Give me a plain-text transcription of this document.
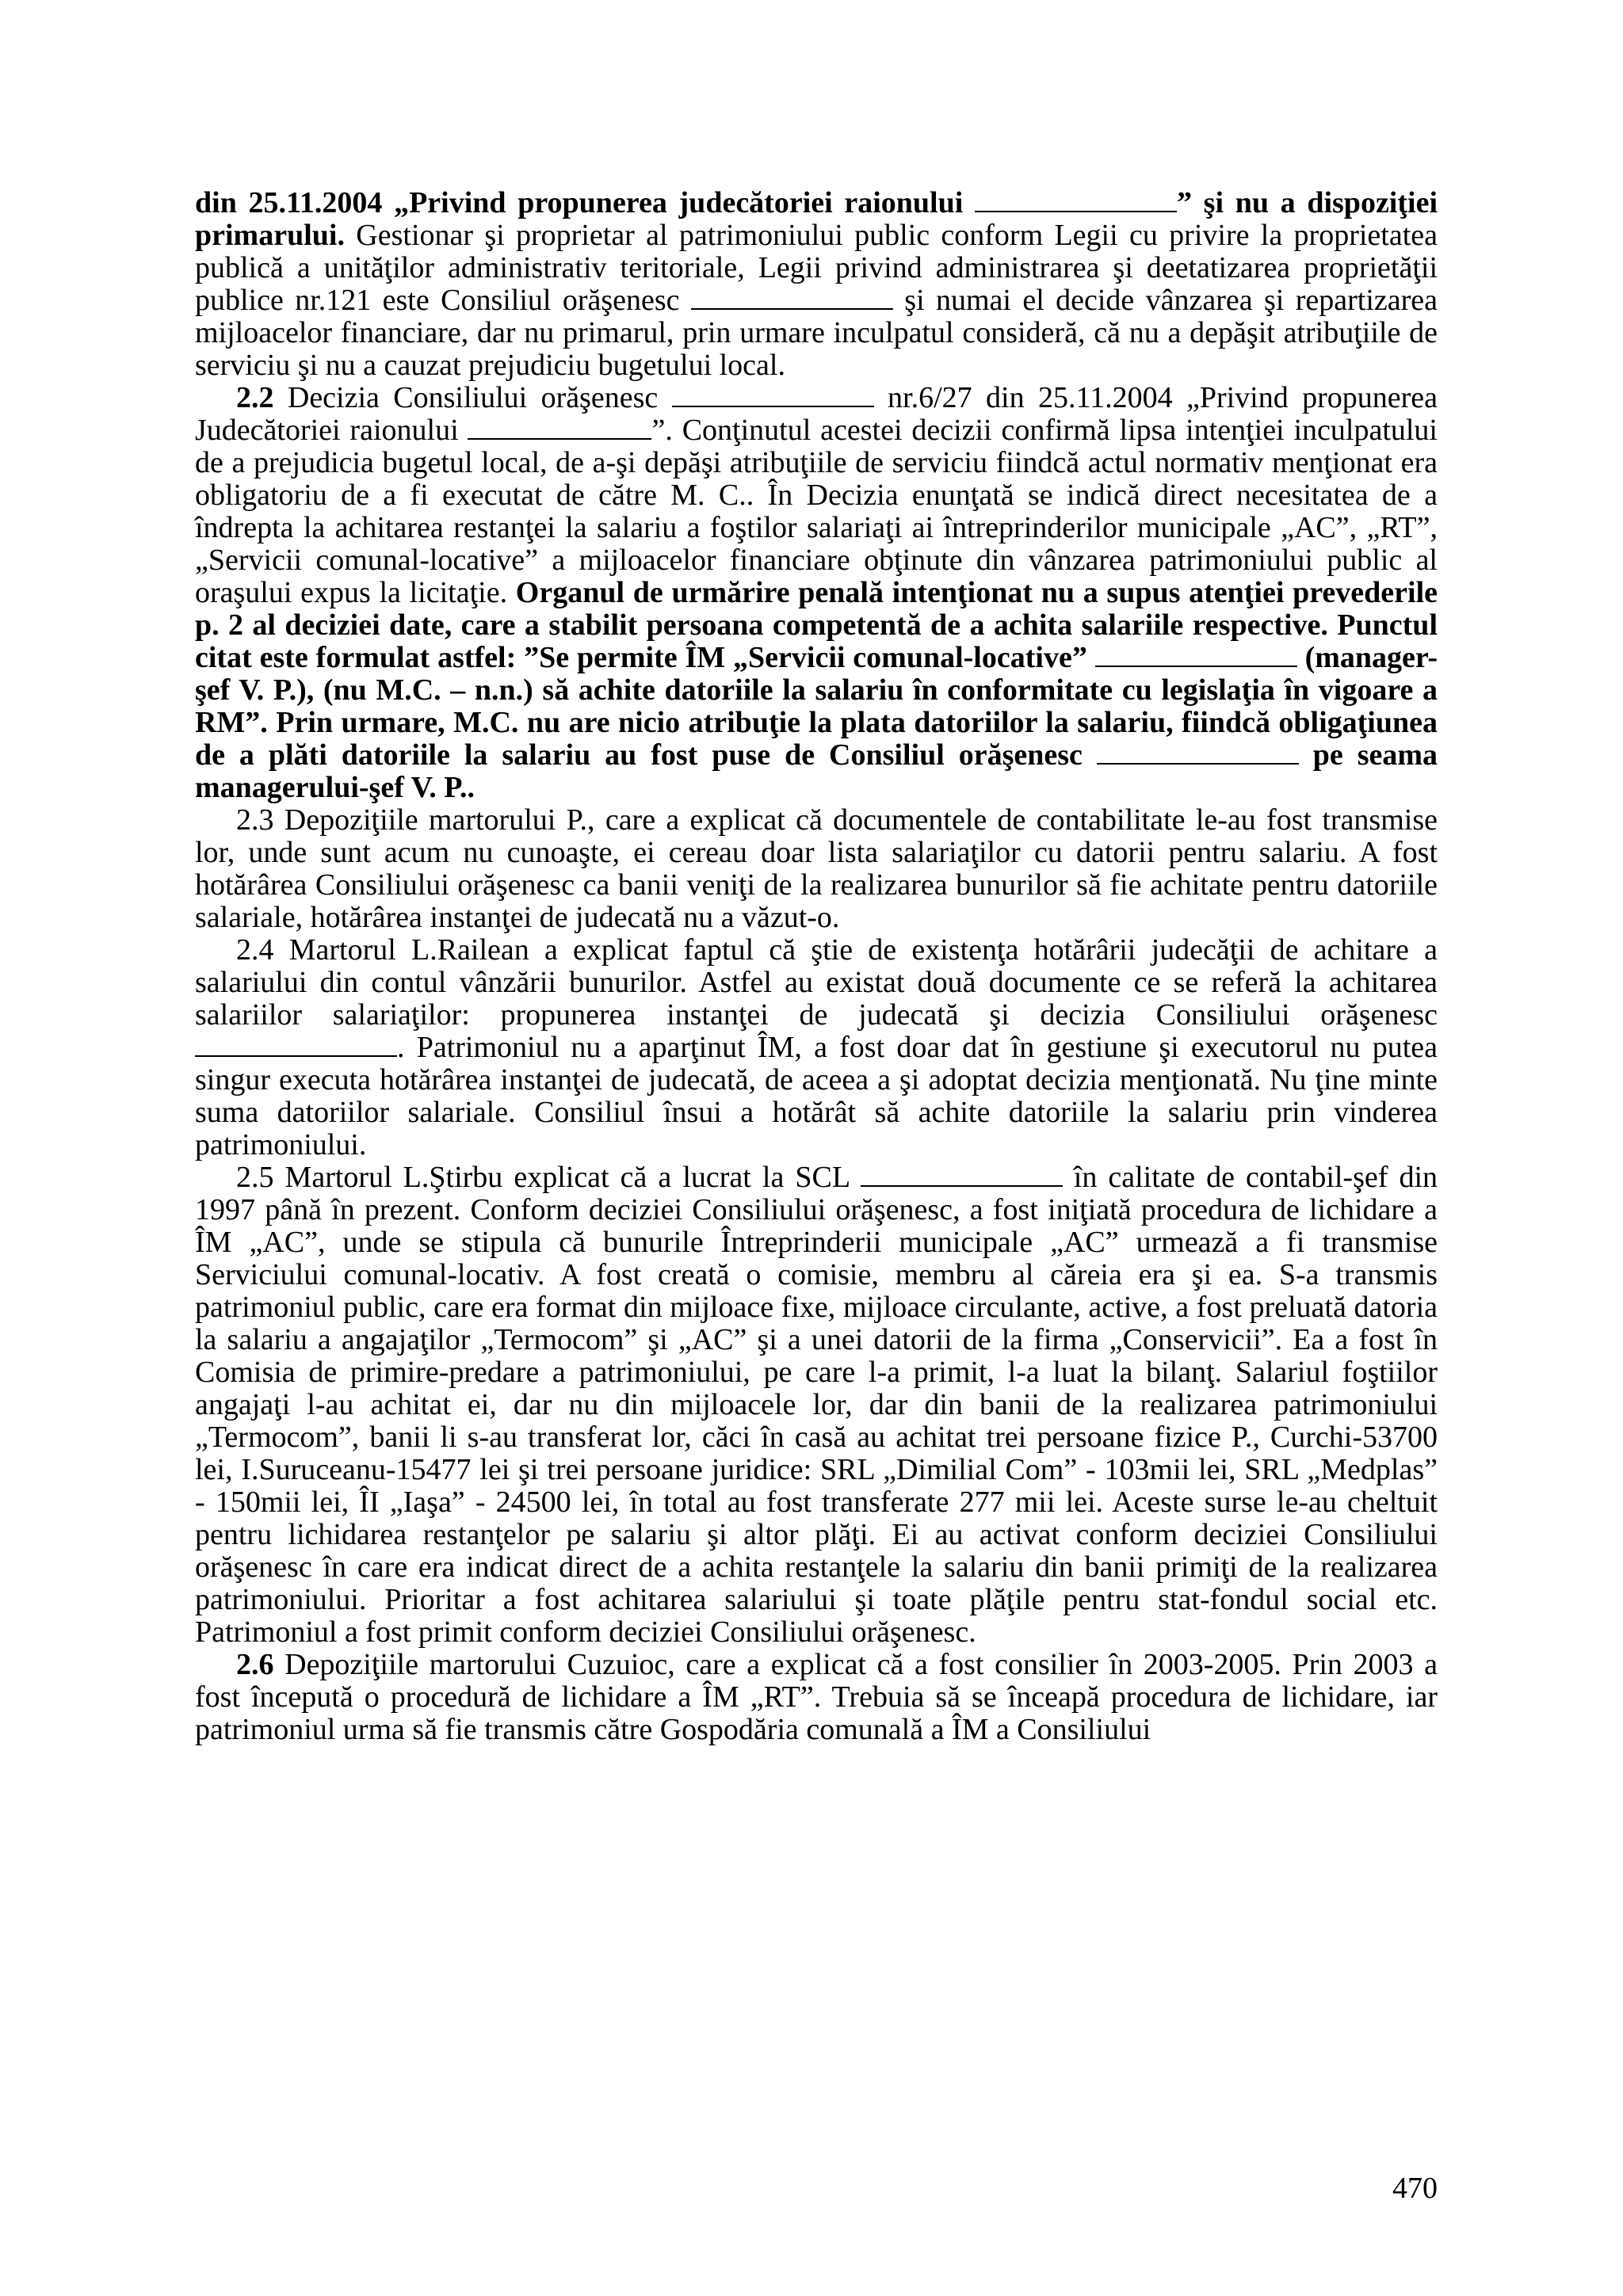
din 25.11.2004 „Privind propunerea judecătoriei raionului	” şi nu a dispoziţiei primarului. Gestionar şi proprietar al patrimoniului public conform Legii cu privire la proprietatea publică a unităţilor administrativ teritoriale, Legii privind administrarea şi deetatizarea proprietăţii publice nr.121 este Consiliul orăşenesc	şi numai el decide vânzarea şi repartizarea mijloacelor financiare, dar nu primarul, prin urmare inculpatul consideră, că nu a depăşit atribuţiile de serviciu şi nu a cauzat prejudiciu bugetului local.

2.2 Decizia Consiliului orăşenesc	nr.6/27 din 25.11.2004 „Privind propunerea Judecătoriei raionului	”. Conţinutul acestei decizii confirmă lipsa intenţiei inculpatului de a prejudicia bugetul local, de a-şi depăşi atribuţiile de serviciu fiindcă actul normativ menţionat era obligatoriu de a fi executat de către M. C.. În Decizia enunţată se indică direct necesitatea de a îndrepta la achitarea restanţei la salariu a foştilor salariaţi ai întreprinderilor municipale „AC”, „RT”, „Servicii comunal-locative” a mijloacelor financiare obţinute din vânzarea patrimoniului public al oraşului expus la licitaţie. Organul de urmărire penală intenţionat nu a supus atenţiei prevederile p. 2 al deciziei date, care a stabilit persoana competentă de a achita salariile respective. Punctul citat este formulat astfel: ”Se permite ÎM „Servicii comunal-locative”	(manager-şef V. P.), (nu M.C. – n.n.) să achite datoriile la salariu în conformitate cu legislaţia în vigoare a RM”. Prin urmare, M.C. nu are nicio atribuţie la plata datoriilor la salariu, fiindcă obligaţiunea de a plăti datoriile la salariu au fost puse de Consiliul orăşenesc	pe seama managerului-şef V. P..

2.3 Depoziţiile martorului P., care a explicat că documentele de contabilitate le-au fost transmise lor, unde sunt acum nu cunoaşte, ei cereau doar lista salariaţilor cu datorii pentru salariu. A fost hotărârea Consiliului orăşenesc ca banii veniţi de la realizarea bunurilor să fie achitate pentru datoriile salariale, hotărârea instanţei de judecată nu a văzut-o.

2.4 Martorul L.Railean a explicat faptul că ştie de existenţa hotărârii judecăţii de achitare a salariului din contul vânzării bunurilor. Astfel au existat două documente ce se referă la achitarea salariilor salariaţilor: propunerea instanţei de judecată şi decizia Consiliului orăşenesc . Patrimoniul nu a aparţinut ÎM, a fost doar dat în gestiune şi executorul nu putea singur executa hotărârea instanţei de judecată, de aceea a şi adoptat decizia menţionată. Nu ţine minte suma datoriilor salariale. Consiliul însui a hotărât să achite datoriile la salariu prin vinderea patrimoniului.

2.5 Martorul L.Ştirbu explicat că a lucrat la SCL	în calitate de contabil-şef din 1997 până în prezent. Conform deciziei Consiliului orăşenesc, a fost iniţiată procedura de lichidare a ÎM „AC”, unde se stipula că bunurile Întreprinderii municipale „AC” urmează a fi transmise Serviciului comunal-locativ. A fost creată o comisie, membru al căreia era şi ea. S-a transmis patrimoniul public, care era format din mijloace fixe, mijloace circulante, active, a fost preluată datoria la salariu a angajaţilor „Termocom” şi „AC” şi a unei datorii de la firma „Conservicii”. Ea a fost în Comisia de primire-predare a patrimoniului, pe care l-a primit, l-a luat la bilanţ. Salariul foştiilor angajaţi l-au achitat ei, dar nu din mijloacele lor, dar din banii de la realizarea patrimoniului „Termocom”, banii li s-au transferat lor, căci în casă au achitat trei persoane fizice P., Curchi-53700 lei, I.Suruceanu-15477 lei şi trei persoane juridice: SRL „Dimilial Com” - 103mii lei, SRL „Medplas” - 150mii lei, ÎI „Iaşa” - 24500 lei, în total au fost transferate 277 mii lei. Aceste surse le-au cheltuit pentru lichidarea restanţelor pe salariu şi altor plăţi. Ei au activat conform deciziei Consiliului orăşenesc în care era indicat direct de a achita restanţele la salariu din banii primiţi de la realizarea patrimoniului. Prioritar a fost achitarea salariului şi toate plăţile pentru stat-fondul social etc. Patrimoniul a fost primit conform deciziei Consiliului orăşenesc.

2.6 Depoziţiile martorului Cuzuioc, care a explicat că a fost consilier în 2003-2005. Prin 2003 a fost începută o procedură de lichidare a ÎM „RT”. Trebuia să se înceapă procedura de lichidare, iar patrimoniul urma să fie transmis către Gospodăria comunală a ÎM a Consiliului

470
